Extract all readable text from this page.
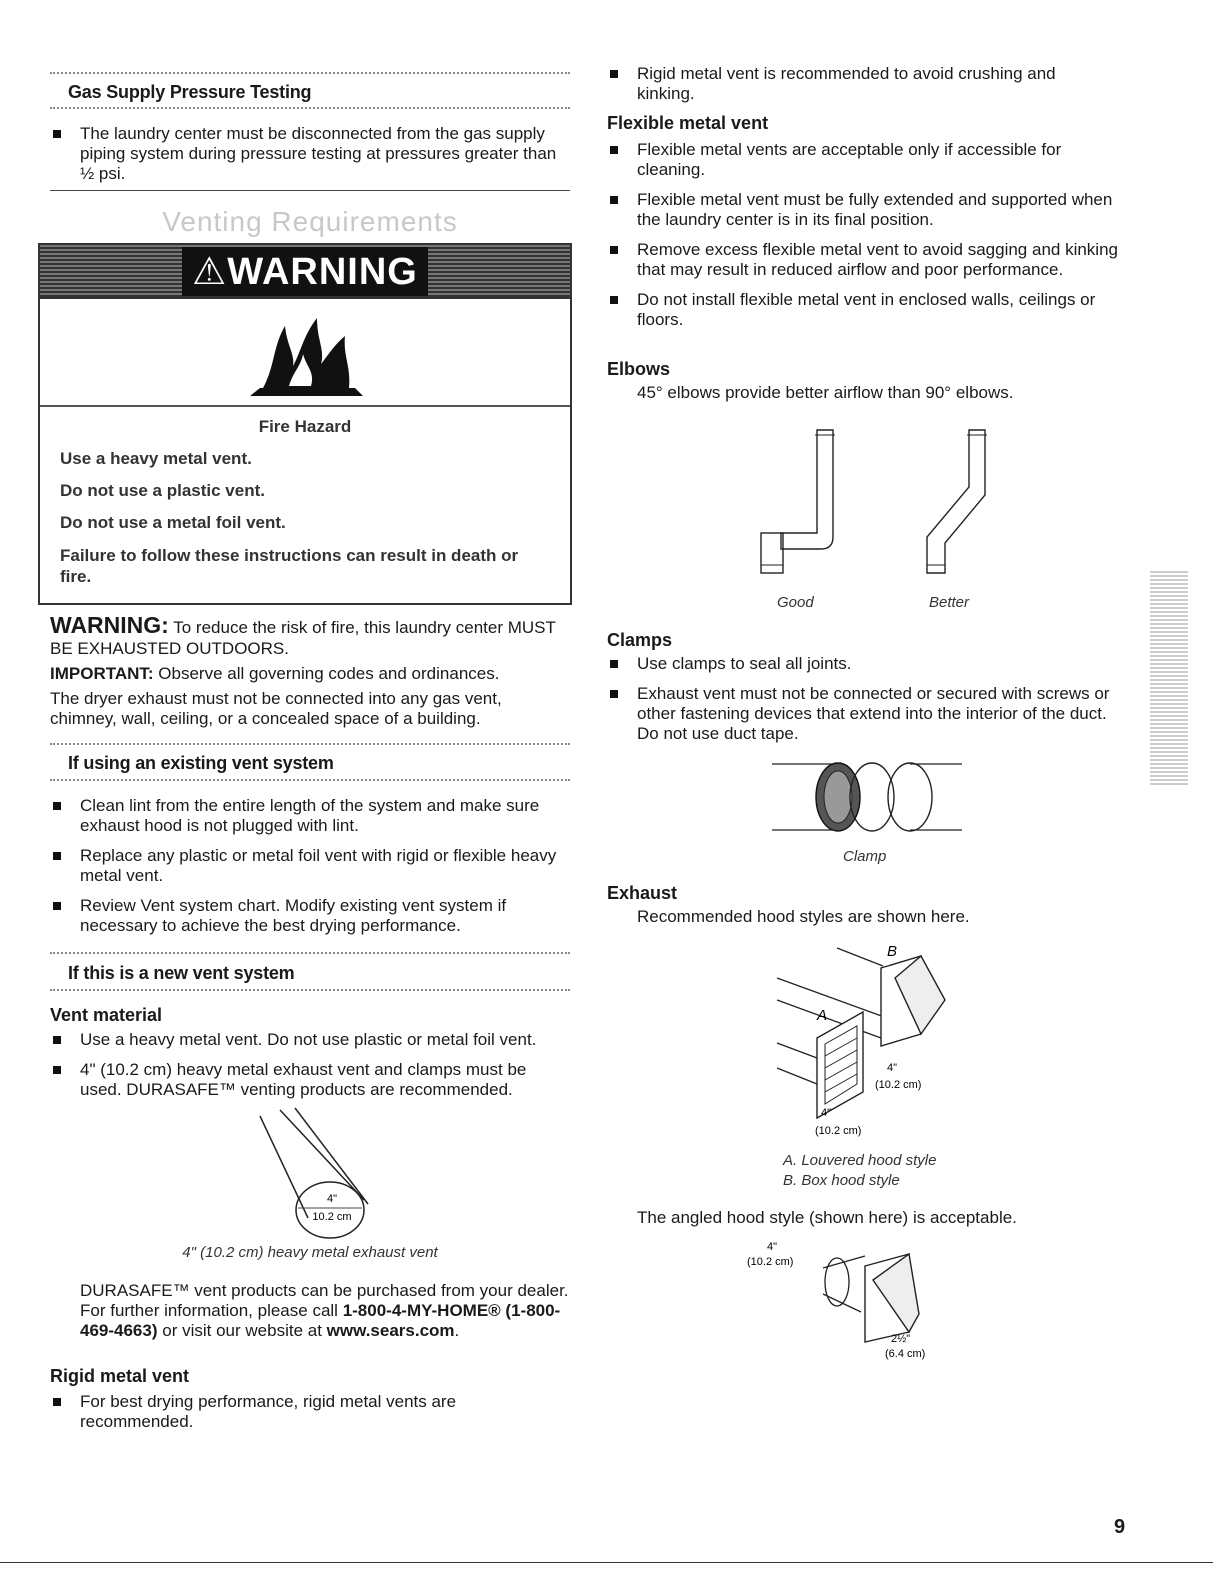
Gas Supply Pressure Testing
The laundry center must be disconnected from the gas supply piping system during pressure testing at pressures greater than ½ psi.
Venting Requirements
⚠WARNING
Fire Hazard
Use a heavy metal vent.
Do not use a plastic vent.
Do not use a metal foil vent.
Failure to follow these instructions can result in death or fire.
WARNING: To reduce the risk of fire, this laundry center MUST BE EXHAUSTED OUTDOORS.
IMPORTANT: Observe all governing codes and ordinances.

The dryer exhaust must not be connected into any gas vent, chimney, wall, ceiling, or a concealed space of a building.

If using an existing vent system
Clean lint from the entire length of the system and make sure exhaust hood is not plugged with lint.
Replace any plastic or metal foil vent with rigid or flexible heavy metal vent.
Review Vent system chart. Modify existing vent system if necessary to achieve the best drying performance.
If this is a new vent system
Vent material
Use a heavy metal vent. Do not use plastic or metal foil vent.
4" (10.2 cm) heavy metal exhaust vent and clamps must be used. DURASAFE™ venting products are recommended.
4"
10.2 cm
4" (10.2 cm) heavy metal exhaust vent
DURASAFE™ vent products can be purchased from your dealer. For further information, please call 1-800-4-MY-HOME® (1-800-469-4663) or visit our website at www.sears.com.
Rigid metal vent
For best drying performance, rigid metal vents are recommended.
Rigid metal vent is recommended to avoid crushing and kinking.
Flexible metal vent
Flexible metal vents are acceptable only if accessible for cleaning.
Flexible metal vent must be fully extended and supported when the laundry center is in its final position.
Remove excess flexible metal vent to avoid sagging and kinking that may result in reduced airflow and poor performance.
Do not install flexible metal vent in enclosed walls, ceilings or floors.
Elbows

45° elbows provide better airflow than 90° elbows.

Good	Better
Clamps
Use clamps to seal all joints.
Exhaust vent must not be connected or secured with screws or other fastening devices that extend into the interior of the duct. Do not use duct tape.
Clamp
Exhaust

Recommended hood styles are shown here.

A
B
4"
(10.2 cm)
4"
(10.2 cm)
A. Louvered hood style
B. Box hood style

The angled hood style (shown here) is acceptable.

4"
(10.2 cm)
2½"
(6.4 cm)
9
